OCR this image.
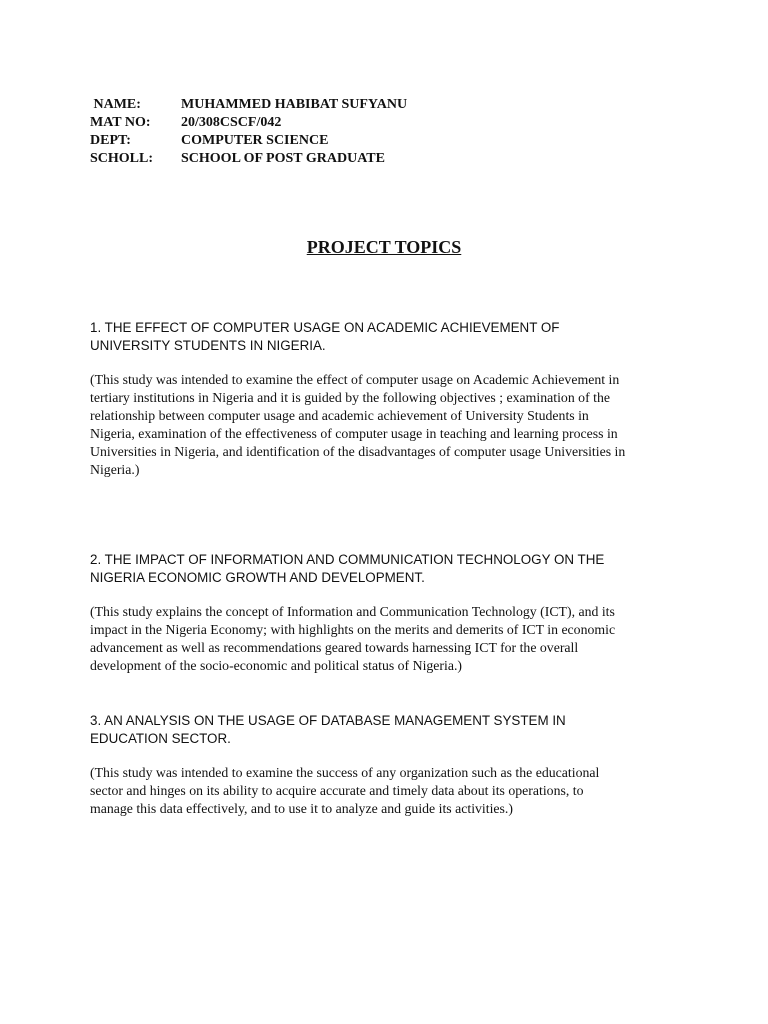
NAME:	MUHAMMED HABIBAT SUFYANU
MAT NO:	20/308CSCF/042
DEPT:	COMPUTER SCIENCE
SCHOLL:	SCHOOL OF POST GRADUATE
PROJECT TOPICS

1. THE EFFECT OF COMPUTER USAGE ON ACADEMIC ACHIEVEMENT OF
UNIVERSITY STUDENTS IN NIGERIA.

(This study was intended to examine the effect of computer usage on Academic Achievement in
tertiary institutions in Nigeria and it is guided by the following objectives ; examination of the
relationship between computer usage and academic achievement of University Students in
Nigeria, examination of the effectiveness of computer usage in teaching and learning process in
Universities in Nigeria, and identification of the disadvantages of computer usage Universities in
Nigeria.)

2. THE IMPACT OF INFORMATION AND COMMUNICATION TECHNOLOGY ON THE
NIGERIA ECONOMIC GROWTH AND DEVELOPMENT.

(This study explains the concept of Information and Communication Technology (ICT), and its
impact in the Nigeria Economy; with highlights on the merits and demerits of ICT in economic
advancement as well as recommendations geared towards harnessing ICT for the overall
development of the socio-economic and political status of Nigeria.)

3. AN ANALYSIS ON THE USAGE OF DATABASE MANAGEMENT SYSTEM IN
EDUCATION SECTOR.

(This study was intended to examine the success of any organization such as the educational
sector and hinges on its ability to acquire accurate and timely data about its operations, to
manage this data effectively, and to use it to analyze and guide its activities.)
